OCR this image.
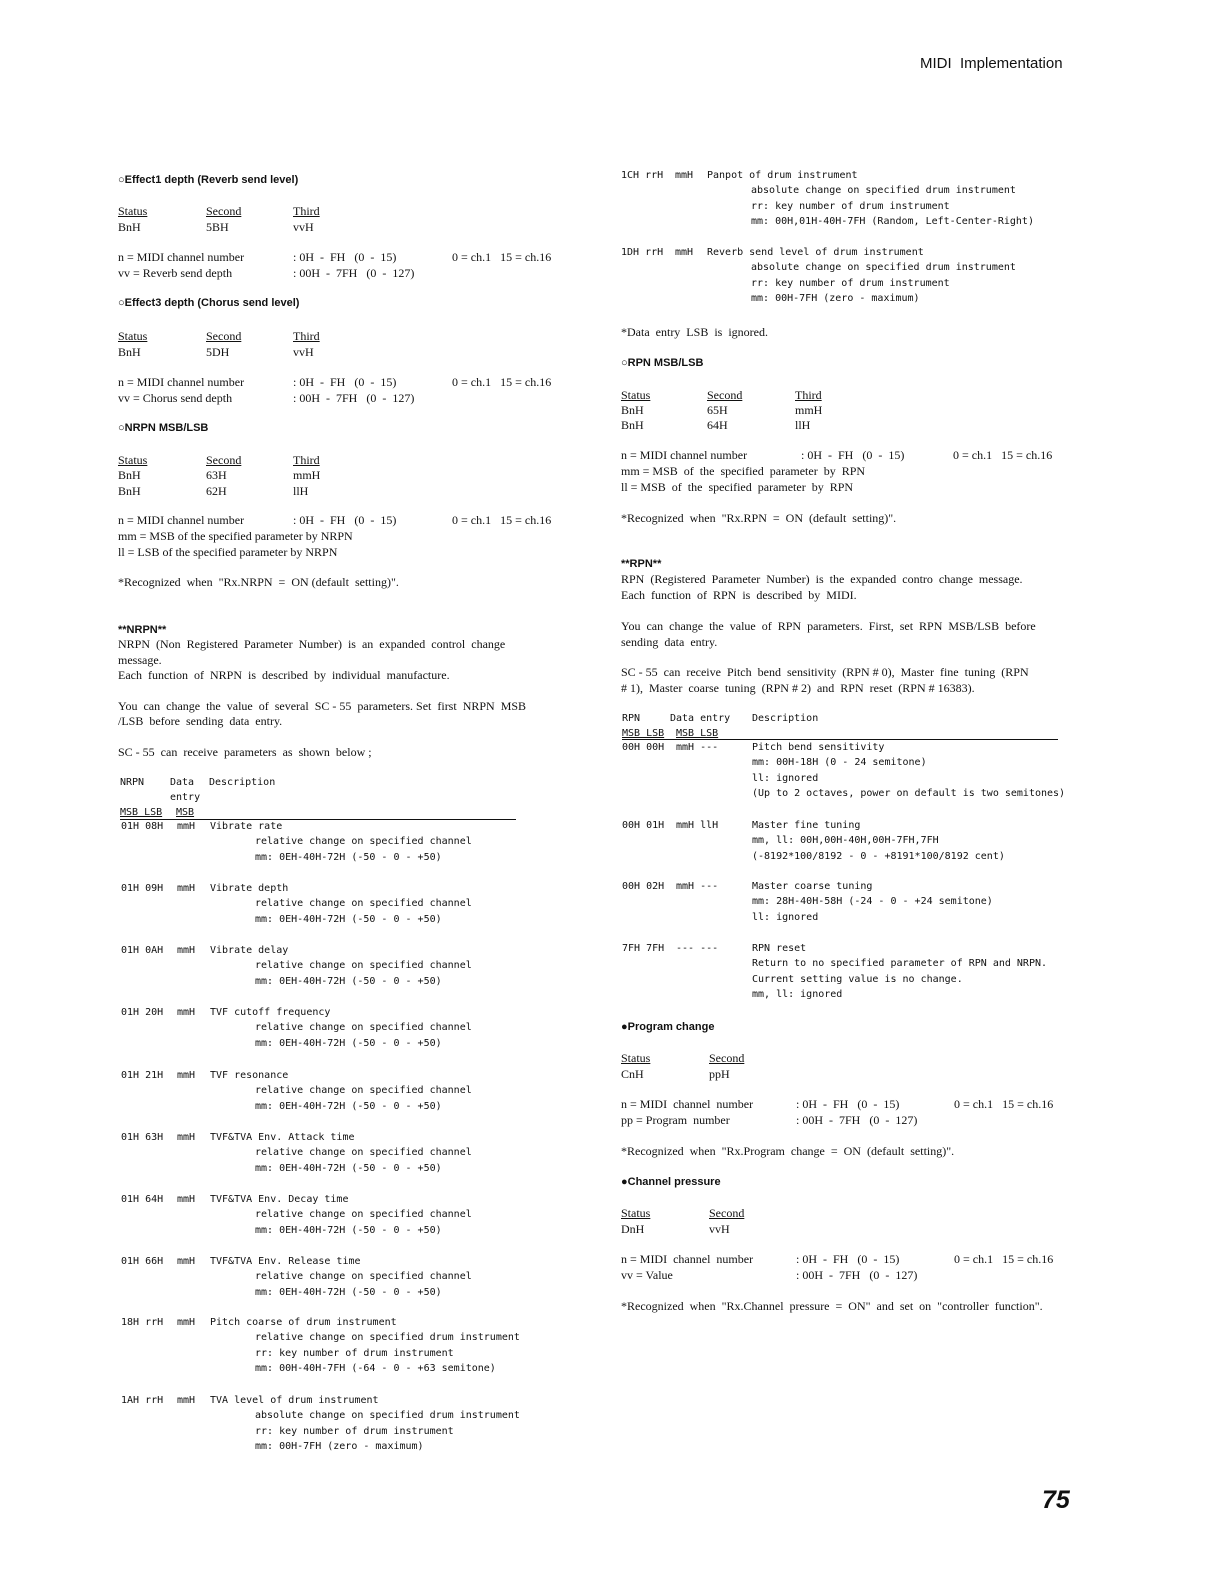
MIDI  Implementation
○Effect1 depth (Reverb send level)
Status	Second	Third
BnH	5BH	vvH
n = MIDI channel number	: 0H  -  FH   (0  -  15)	0 = ch.1   15 = ch.16
vv = Reverb send depth	: 00H  -  7FH   (0  -  127)
○Effect3 depth (Chorus send level)
Status	Second	Third
BnH	5DH	vvH
n = MIDI channel number	: 0H  -  FH   (0  -  15)	0 = ch.1   15 = ch.16
vv = Chorus send depth	: 00H  -  7FH   (0  -  127)
○NRPN MSB/LSB
Status	Second	Third
BnH	63H	mmH
BnH	62H	llH
n = MIDI channel number	: 0H  -  FH   (0  -  15)	0 = ch.1   15 = ch.16
mm = MSB of the specified parameter by NRPN
ll = LSB of the specified parameter by NRPN
*Recognized  when  "Rx.NRPN  =  ON (default  setting)".
**NRPN**
NRPN  (Non  Registered  Parameter  Number)  is  an  expanded  control  change
message.
Each  function  of  NRPN  is  described  by  individual  manufacture.
You  can  change  the  value  of  several  SC - 55  parameters. Set  first  NRPN  MSB
/LSB  before  sending  data  entry.
SC - 55  can  receive  parameters  as  shown  below ;
NRPN	Data Description
entry
MSB LSB MSB
01H 08H mmH Vibrate rate
relative change on specified channel
mm: 0EH-40H-72H (-50 - 0 - +50)
01H 09H mmH Vibrate depth
relative change on specified channel
mm: 0EH-40H-72H (-50 - 0 - +50)
01H 0AH mmH Vibrate delay
relative change on specified channel
mm: 0EH-40H-72H (-50 - 0 - +50)
01H 20H mmH TVF cutoff frequency
relative change on specified channel
mm: 0EH-40H-72H (-50 - 0 - +50)
01H 21H mmH TVF resonance
relative change on specified channel
mm: 0EH-40H-72H (-50 - 0 - +50)
01H 63H mmH TVF&TVA Env. Attack time
relative change on specified channel
mm: 0EH-40H-72H (-50 - 0 - +50)
01H 64H mmH TVF&TVA Env. Decay time
relative change on specified channel
mm: 0EH-40H-72H (-50 - 0 - +50)
01H 66H mmH TVF&TVA Env. Release time
relative change on specified channel
mm: 0EH-40H-72H (-50 - 0 - +50)
18H rrH mmH Pitch coarse of drum instrument
relative change on specified drum instrument
rr: key number of drum instrument
mm: 00H-40H-7FH (-64 - 0 - +63 semitone)
1AH rrH mmH TVA level of drum instrument
absolute change on specified drum instrument
rr: key number of drum instrument
mm: 00H-7FH (zero - maximum)
1CH rrH mmH Panpot of drum instrument
absolute change on specified drum instrument
rr: key number of drum instrument
mm: 00H,01H-40H-7FH (Random, Left-Center-Right)
1DH rrH mmH Reverb send level of drum instrument
absolute change on specified drum instrument
rr: key number of drum instrument
mm: 00H-7FH (zero - maximum)
*Data  entry  LSB  is  ignored.
○RPN MSB/LSB
Status	Second	Third
BnH	65H	mmH
BnH	64H	llH
n = MIDI channel number	: 0H  -  FH   (0  -  15)	0 = ch.1   15 = ch.16
mm = MSB  of  the  specified  parameter  by  RPN
ll = MSB  of  the  specified  parameter  by  RPN
*Recognized  when  "Rx.RPN  =  ON  (default  setting)".
**RPN**
RPN  (Registered  Parameter  Number)  is  the  expanded  contro  change  message.
Each  function  of  RPN  is  described  by  MIDI.
You  can  change  the  value  of  RPN  parameters.  First,  set  RPN  MSB/LSB  before
sending  data  entry.
SC - 55  can  receive  Pitch  bend  sensitivity  (RPN # 0),  Master  fine  tuning  (RPN
# 1),  Master  coarse  tuning  (RPN # 2)  and  RPN  reset  (RPN # 16383).
RPN	Data entry Description
MSB LSB MSB LSB
00H 00H mmH ---	Pitch bend sensitivity
mm: 00H-18H (0 - 24 semitone)
ll: ignored
(Up to 2 octaves, power on default is two semitones)
00H 01H mmH llH	Master fine tuning
mm, ll: 00H,00H-40H,00H-7FH,7FH
(-8192*100/8192 - 0 - +8191*100/8192 cent)
00H 02H mmH ---	Master coarse tuning
mm: 28H-40H-58H (-24 - 0 - +24 semitone)
ll: ignored
7FH 7FH --- ---	RPN reset
Return to no specified parameter of RPN and NRPN.
Current setting value is no change.
mm, ll: ignored
●Program change
Status	Second
CnH	ppH
n = MIDI  channel  number	: 0H  -  FH   (0  -  15)	0 = ch.1   15 = ch.16
pp = Program  number	: 00H  -  7FH   (0  -  127)
*Recognized  when  "Rx.Program  change  =  ON  (default  setting)".
●Channel pressure
Status	Second
DnH	vvH
n = MIDI  channel  number	: 0H  -  FH   (0  -  15)	0 = ch.1   15 = ch.16
vv = Value	: 00H  -  7FH   (0  -  127)
*Recognized  when  "Rx.Channel  pressure  =  ON"  and  set  on  "controller  function".
75
